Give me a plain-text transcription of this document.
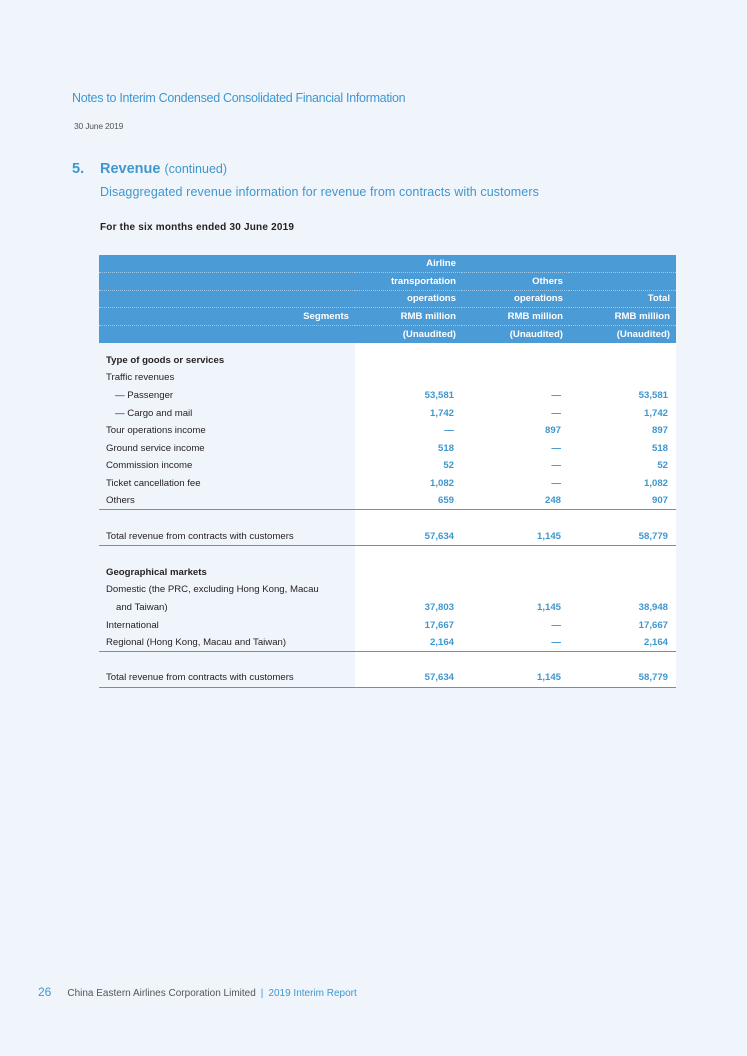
Notes to Interim Condensed Consolidated Financial Information
30 June 2019
5. Revenue (continued)
Disaggregated revenue information for revenue from contracts with customers
For the six months ended 30 June 2019
	Airline		
	transportation	Others	
	operations	operations	Total
Segments	RMB million	RMB million	RMB million
	(Unaudited)	(Unaudited)	(Unaudited)

Type of goods or services			
Traffic revenues			
— Passenger	53,581	—	53,581
— Cargo and mail	1,742	—	1,742
Tour operations income	—	897	897
Ground service income	518	—	518
Commission income	52	—	52
Ticket cancellation fee	1,082	—	1,082
Others	659	248	907

Total revenue from contracts with customers	57,634	1,145	58,779

Geographical markets			
Domestic (the PRC, excluding Hong Kong, Macau			
and Taiwan)	37,803	1,145	38,948
International	17,667	—	17,667
Regional (Hong Kong, Macau and Taiwan)	2,164	—	2,164

Total revenue from contracts with customers	57,634	1,145	58,779
26 China Eastern Airlines Corporation Limited | 2019 Interim Report
